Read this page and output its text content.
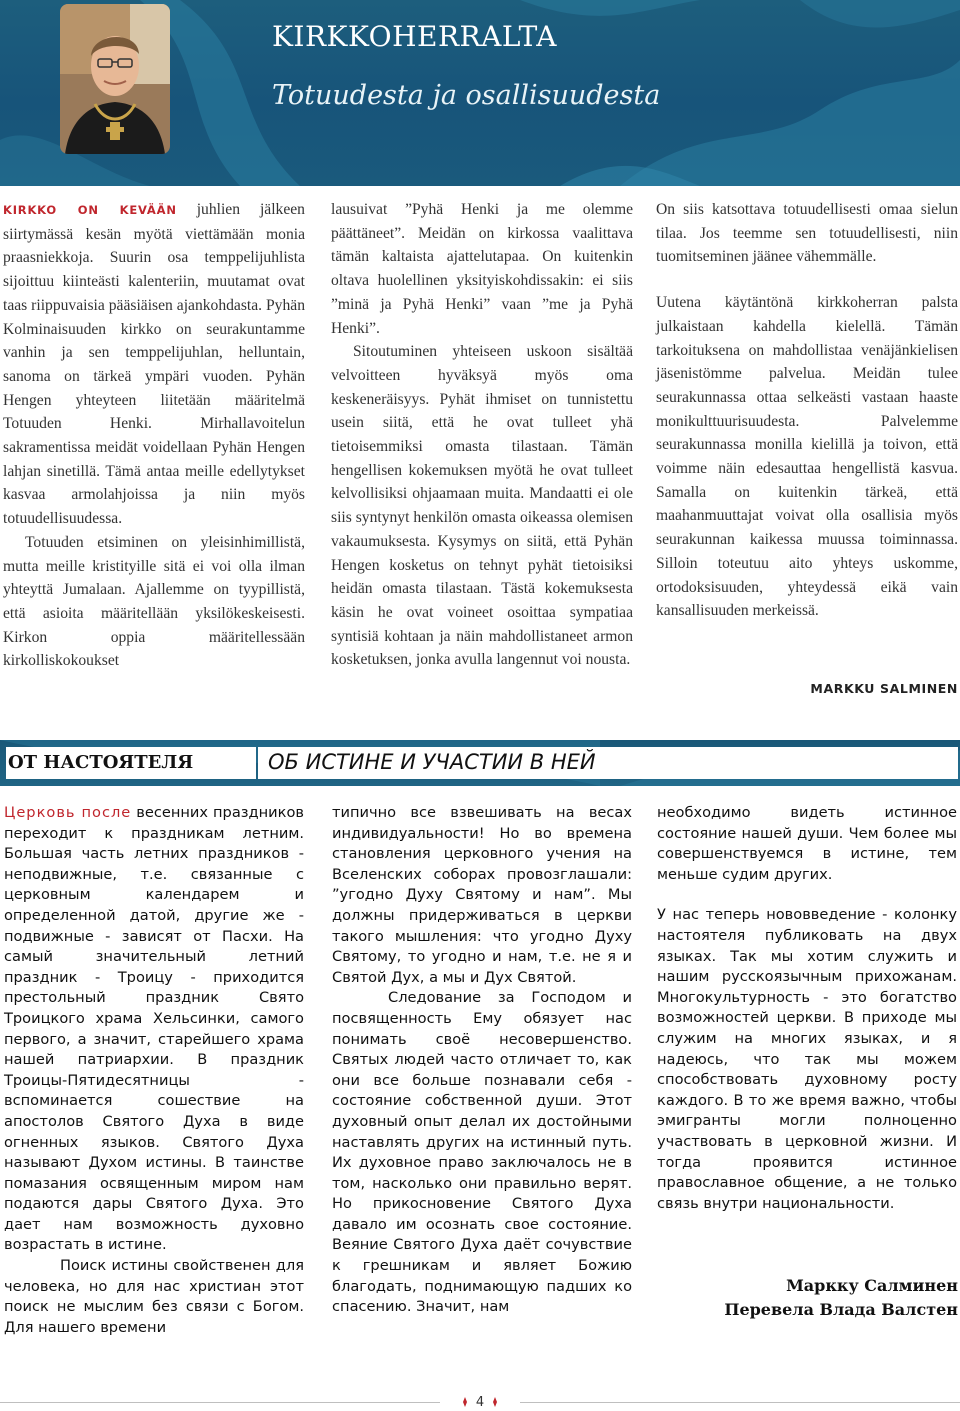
KIRKKOHERRALTA
Totuudesta ja osallisuudesta

KIRKKO ON KEVÄÄN juhlien jälkeen siirtymässä kesän myötä viettämään monia praasniekkoja. Suurin osa temppelijuhlista sijoittuu kiinteästi kalenteriin, muutamat ovat taas riippuvaisia pääsiäisen ajankohdasta. Pyhän Kolminaisuuden kirkko on seurakuntamme vanhin ja sen temppelijuhlan, helluntain, sanoma on tärkeä ympäri vuoden. Pyhän Hengen yhteyteen liitetään määritelmä Totuuden Henki. Mirhallavoitelun sakramentissa meidät voidellaan Pyhän Hengen lahjan sinetillä. Tämä antaa meille edellytykset kasvaa armolahjoissa ja niin myös totuudellisuudessa.

Totuuden etsiminen on yleisinhimillistä, mutta meille kristityille sitä ei voi olla ilman yhteyttä Jumalaan. Ajallemme on tyypillistä, että asioita määritellään yksilökeskeisesti. Kirkon oppia määritellessään kirkolliskokoukset

lausuivat ”Pyhä Henki ja me olemme päättäneet”. Meidän on kirkossa vaalittava tämän kaltaista ajattelutapaa. On kuitenkin oltava huolellinen yksityiskohdissakin: ei siis ”minä ja Pyhä Henki” vaan ”me ja Pyhä Henki”.

Sitoutuminen yhteiseen uskoon sisältää velvoitteen hyväksyä myös oma keskeneräisyys. Pyhät ihmiset on tunnistettu usein siitä, että he ovat tulleet yhä tietoisemmiksi omasta tilastaan. Tämän hengellisen kokemuksen myötä he ovat tulleet kelvollisiksi ohjaamaan muita. Mandaatti ei ole siis syntynyt henkilön omasta oikeassa olemisen vakaumuksesta. Kysymys on siitä, että Pyhän Hengen kosketus on tehnyt pyhät tietoisiksi heidän omasta tilastaan. Tästä kokemuksesta käsin he ovat voineet osoittaa sympatiaa syntisiä kohtaan ja näin mahdollistaneet armon kosketuksen, jonka avulla langennut voi nousta.

On siis katsottava totuudellisesti omaa sielun tilaa. Jos teemme sen totuudellisesti, niin tuomitseminen jäänee vähemmälle.

Uutena käytäntönä kirkkoherran palsta julkaistaan kahdella kielellä. Tämän tarkoituksena on mahdollistaa venäjänkielisen jäsenistömme palvelua. Meidän tulee seurakunnassa ottaa selkeästi vastaan haaste monikulttuurisuudesta. Palvelemme seurakunnassa monilla kielillä ja toivon, että voimme näin edesauttaa hengellistä kasvua. Samalla on kuitenkin tärkeä, että maahanmuuttajat voivat olla osallisia myös seurakunnan kaikessa muussa toiminnassa. Silloin toteutuu aito yhteys uskomme, ortodoksisuuden, yhteydessä eikä vain kansallisuuden merkeissä.

MARKKU SALMINEN
ОТ НАСТОЯТЕЛЯ	ОБ ИСТИНЕ И УЧАСТИИ В НЕЙ

Церковь после весенних праздников переходит к праздникам летним. Большая часть летних праздников - неподвижные, т.е. связанные с церковным календарем и определенной датой, другие же - подвижные - зависят от Пасхи. На самый значительный летний праздник - Троицу - приходится престольный праздник Свято Троицкого храма Хельсинки, самого первого, а значит, старейшего храма нашей патриархии. В праздник Троицы-Пятидесятницы - вспоминается сошествие на апостолов Святого Духа в виде огненных языков. Святого Духа называют Духом истины. В таинстве помазания освященным миром нам подаются дары Святого Духа. Это дает нам возможность духовно возрастать в истине.

Поиск истины свойственен для человека, но для нас христиан этот поиск не мыслим без связи с Богом. Для нашего времени

типично все взвешивать на весах индивидуальности! Но во времена становления церковного учения на Вселенских соборах провозглашали: ”угодно Духу Святому и нам”. Мы должны придерживаться в церкви такого мышления: что угодно Духу Святому, то угодно и нам, т.е. не я и Святой Дух, а мы и Дух Святой.

Следование за Господом и посвященность Ему обязует нас понимать своё несовершенство. Святых людей часто отличает то, как они все больше познавали себя - состояние собственной души. Этот духовный опыт делал их достойными наставлять других на истинный путь. Их духовное право заключалось не в том, насколько они правильно верят. Но прикосновение Святого Духа давало им осознать свое состояние. Веяние Святого Духа даёт сочувствие к грешникам и являет Божию благодать, поднимающую падших ко спасению. Значит, нам

необходимо видеть истинное состояние нашей души. Чем более мы совершенствуемся в истине, тем меньше судим других.

У нас теперь нововведение - колонку настоятеля публиковать на двух языках. Так мы хотим служить и нашим русскоязычным прихожанам. Многокультурность - это богатство возможностей церкви. В приходе мы служим на многих языках, и я надеюсь, что так мы можем способствовать духовному росту каждого. В то же время важно, чтобы эмигранты могли полноценно участвовать в церковной жизни. И тогда проявится истинное православное общение, а не только связь внутри национальности.

Маркку Салминен
Перевела Влада Валстен
4
